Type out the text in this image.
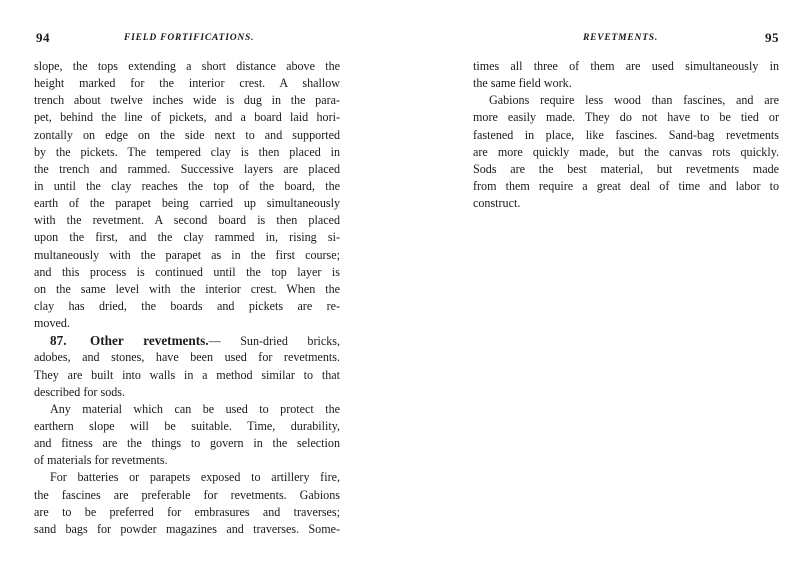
94	FIELD FORTIFICATIONS.
slope, the tops extending a short distance above the
height marked for the interior crest. A shallow
trench about twelve inches wide is dug in the para-
pet, behind the line of pickets, and a board laid hori-
zontally on edge on the side next to and supported
by the pickets. The tempered clay is then placed in
the trench and rammed. Successive layers are placed
in until the clay reaches the top of the board, the
earth of the parapet being carried up simultaneously
with the revetment. A second board is then placed
upon the first, and the clay rammed in, rising si-
multaneously with the parapet as in the first course;
and this process is continued until the top layer is
on the same level with the interior crest. When the
clay has dried, the boards and pickets are re-
moved.
87. Other revetments.— Sun-dried bricks,
adobes, and stones, have been used for revetments.
They are built into walls in a method similar to that
described for sods.
Any material which can be used to protect the
earthern slope will be suitable. Time, durability,
and fitness are the things to govern in the selection
of materials for revetments.
For batteries or parapets exposed to artillery fire,
the fascines are preferable for revetments. Gabions
are to be preferred for embrasures and traverses;
sand bags for powder magazines and traverses. Some-
REVETMENTS.	95
times all three of them are used simultaneously in
the same field work.
Gabions require less wood than fascines, and are
more easily made. They do not have to be tied or
fastened in place, like fascines. Sand-bag revetments
are more quickly made, but the canvas rots quickly.
Sods are the best material, but revetments made
from them require a great deal of time and labor to
construct.
